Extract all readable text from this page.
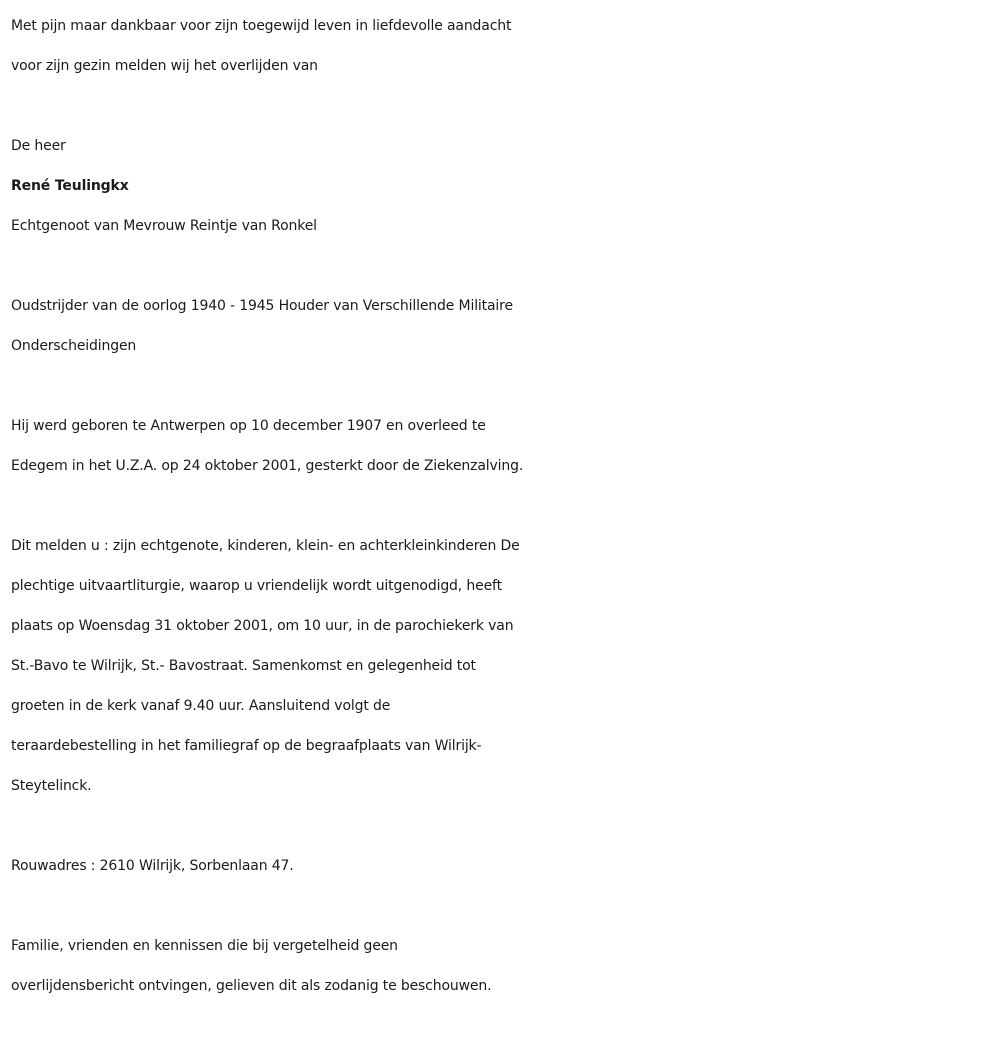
Met pijn maar dankbaar voor zijn toegewijd leven in liefdevolle aandacht

voor zijn gezin melden wij het overlijden van

De heer

René Teulingkx

Echtgenoot van Mevrouw Reintje van Ronkel

Oudstrijder van de oorlog 1940 - 1945 Houder van Verschillende Militaire

Onderscheidingen

Hij werd geboren te Antwerpen op 10 december 1907 en overleed te

Edegem in het U.Z.A. op 24 oktober 2001, gesterkt door de Ziekenzalving.

Dit melden u : zijn echtgenote, kinderen, klein- en achterkleinkinderen De

plechtige uitvaartliturgie, waarop u vriendelijk wordt uitgenodigd, heeft

plaats op Woensdag 31 oktober 2001, om 10 uur, in de parochiekerk van

St.-Bavo te Wilrijk, St.- Bavostraat. Samenkomst en gelegenheid tot

groeten in de kerk vanaf 9.40 uur. Aansluitend volgt de

teraardebestelling in het familiegraf op de begraafplaats van Wilrijk-

Steytelinck.

Rouwadres : 2610 Wilrijk, Sorbenlaan 47.

Familie, vrienden en kennissen die bij vergetelheid geen

overlijdensbericht ontvingen, gelieven dit als zodanig te beschouwen.
